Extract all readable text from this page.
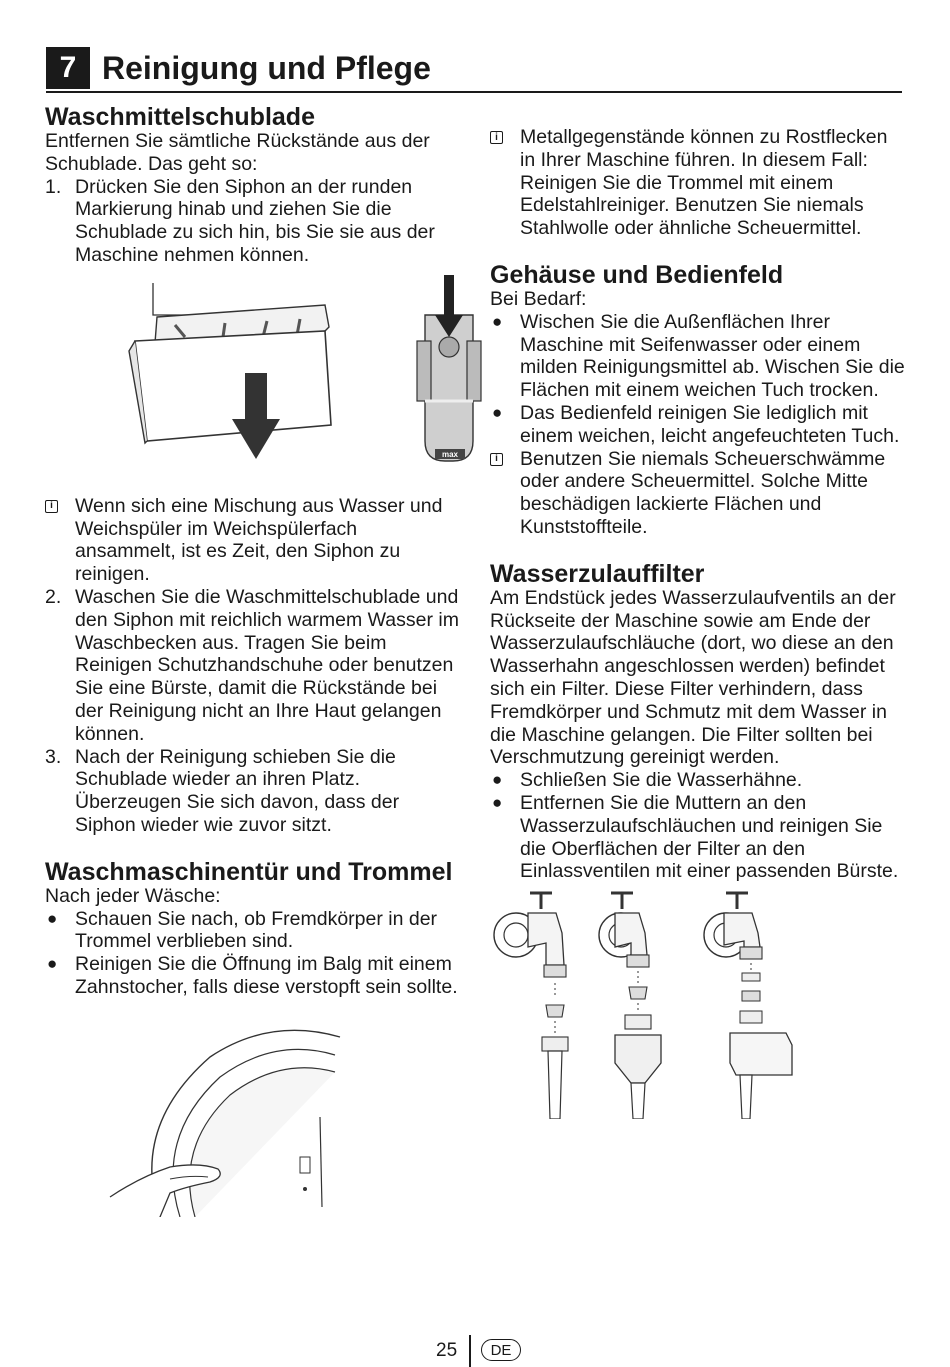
7 Reinigung und Pflege
Waschmittelschublade

Entfernen Sie sämtliche Rückstände aus der Schublade. Das geht so:

1. Drücken Sie den Siphon an der runden Markierung hinab und ziehen Sie die Schublade zu sich hin, bis Sie sie aus der Maschine nehmen können.
max
i Wenn sich eine Mischung aus Wasser und Weichspüler im Weichspülerfach ansammelt, ist es Zeit, den Siphon zu reinigen.
2. Waschen Sie die Waschmittelschublade und den Siphon mit reichlich warmem Wasser im Waschbecken aus. Tragen Sie beim Reinigen Schutzhandschuhe oder benutzen Sie eine Bürste, damit die Rückstände bei der Reinigung nicht an Ihre Haut gelangen können.
3. Nach der Reinigung schieben Sie die Schublade wieder an ihren Platz. Überzeugen Sie sich davon, dass der Siphon wieder wie zuvor sitzt.
Waschmaschinentür und Trommel

Nach jeder Wäsche:

● Schauen Sie nach, ob Fremdkörper in der Trommel verblieben sind.
● Reinigen Sie die Öffnung im Balg mit einem Zahnstocher, falls diese verstopft sein sollte.
i Metallgegenstände können zu Rostflecken in Ihrer Maschine führen. In diesem Fall: Reinigen Sie die Trommel mit einem Edelstahlreiniger. Benutzen Sie niemals Stahlwolle oder ähnliche Scheuermittel.
Gehäuse und Bedienfeld

Bei Bedarf:

● Wischen Sie die Außenflächen Ihrer Maschine mit Seifenwasser oder einem milden Reinigungsmittel ab. Wischen Sie die Flächen mit einem weichen Tuch trocken.
● Das Bedienfeld reinigen Sie lediglich mit einem weichen, leicht angefeuchteten Tuch.
i Benutzen Sie niemals Scheuerschwämme oder andere Scheuermittel. Solche Mitte beschädigen lackierte Flächen und Kunststoffteile.
Wasserzulauffilter

Am Endstück jedes Wasserzulaufventils an der Rückseite der Maschine sowie am Ende der Wasserzulaufschläuche (dort, wo diese an den Wasserhahn angeschlossen werden) befindet sich ein Filter. Diese Filter verhindern, dass Fremdkörper und Schmutz mit dem Wasser in die Maschine gelangen. Die Filter sollten bei Verschmutzung gereinigt werden.

● Schließen Sie die Wasserhähne.
● Entfernen Sie die Muttern an den Wasserzulaufschläuchen und reinigen Sie die Oberflächen der Filter an den Einlassventilen mit einer passenden Bürste.
25	DE
